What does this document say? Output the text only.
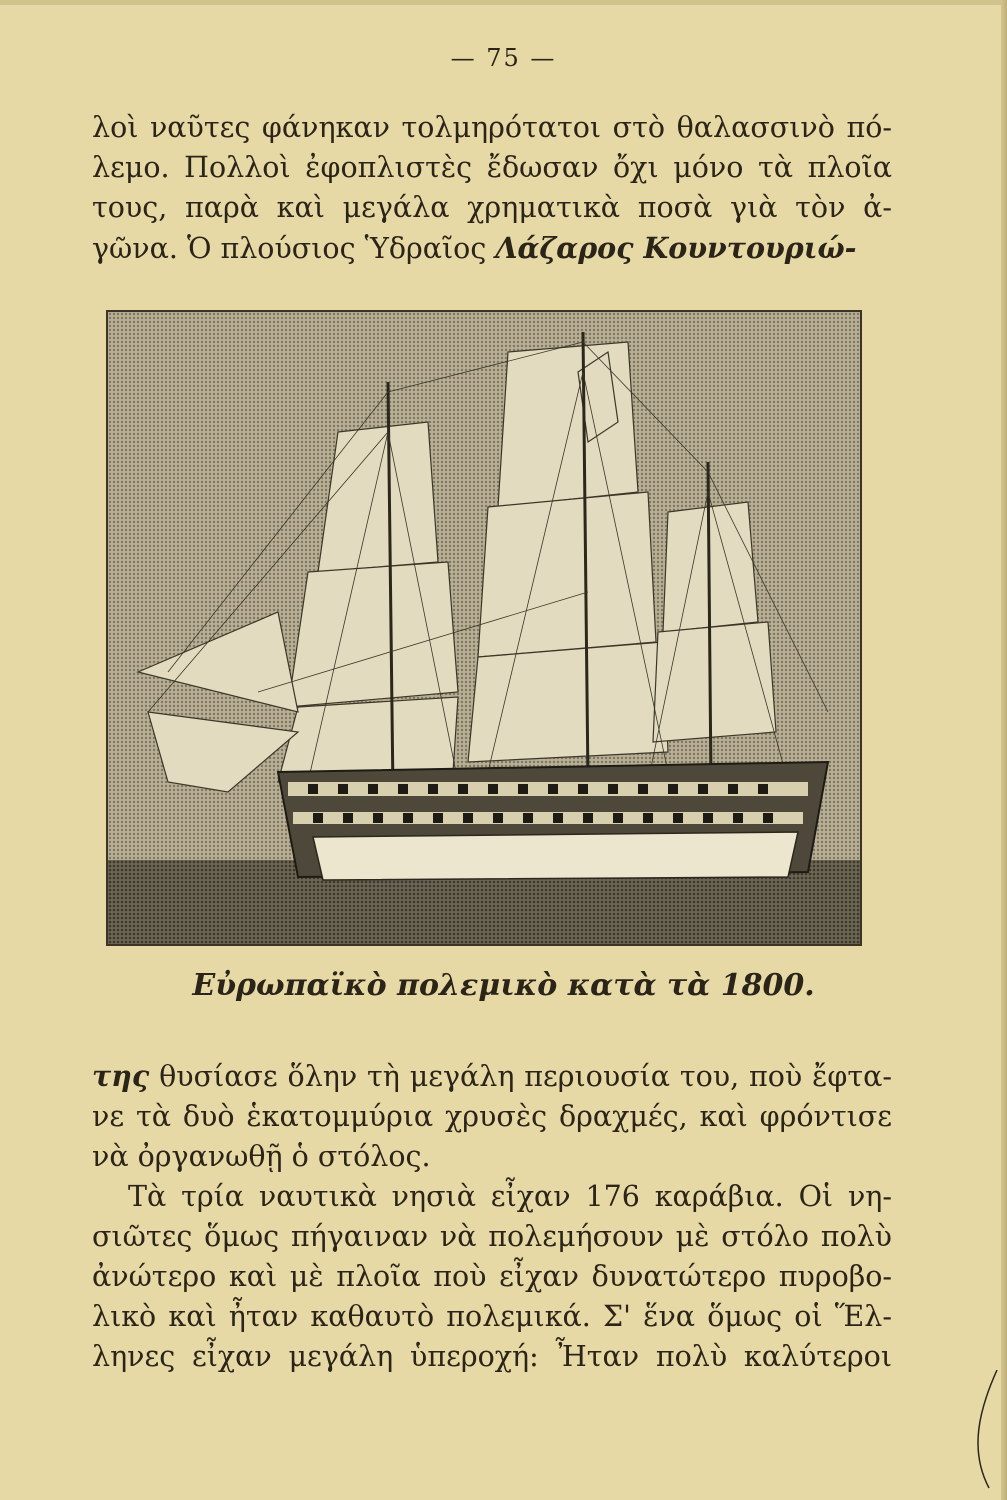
— 75 —
λοὶ ναῦτες φάνηκαν τολμηρότατοι στὸ θαλασσινὸ πό-
λεμο. Πολλοὶ ἐφοπλιστὲς ἔδωσαν ὄχι μόνο τὰ πλοῖα
τους, παρὰ καὶ μεγάλα χρηματικὰ ποσὰ γιὰ τὸν ἀ-
γῶνα. Ὁ πλούσιος Ὑδραῖος Λάζαρος Κουντουριώ-
Εὐρωπαϊκὸ πολεμικὸ κατὰ τὰ 1800.
της θυσίασε ὅλην τὴ μεγάλη περιουσία του, ποὺ ἔφτα-
νε τὰ δυὸ ἑκατομμύρια χρυσὲς δραχμές, καὶ φρόντισε
νὰ ὀργανωθῇ ὁ στόλος.
Τὰ τρία ναυτικὰ νησιὰ εἶχαν 176 καράβια. Οἱ νη-
σιῶτες ὅμως πήγαιναν νὰ πολεμήσουν μὲ στόλο πολὺ
ἀνώτερο καὶ μὲ πλοῖα ποὺ εἶχαν δυνατώτερο πυροβο-
λικὸ καὶ ἦταν καθαυτὸ πολεμικά. Σ' ἕνα ὅμως οἱ Ἕλ-
ληνες εἶχαν μεγάλη ὑπεροχή: Ἦταν πολὺ καλύτεροι
